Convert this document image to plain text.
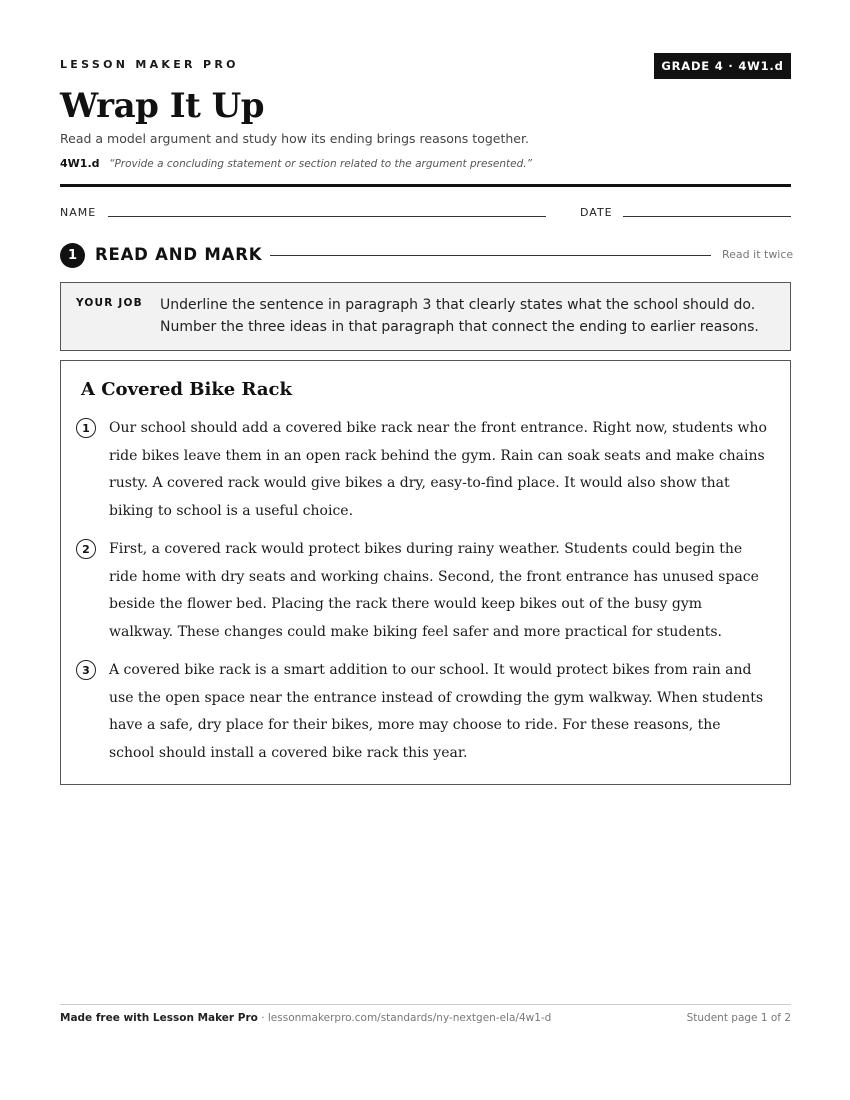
LESSON MAKER PRO	GRADE 4 · 4W1.d
Wrap It Up
Read a model argument and study how its ending brings reasons together.
4W1.d “Provide a concluding statement or section related to the argument presented.”
NAME	DATE
1	READ AND MARK	Read it twice
YOUR JOB Underline the sentence in paragraph 3 that clearly states what the school should do. Number the three ideas in that paragraph that connect the ending to earlier reasons.
A Covered Bike Rack
1	Our school should add a covered bike rack near the front entrance. Right now, students who ride bikes leave them in an open rack behind the gym. Rain can soak seats and make chains rusty. A covered rack would give bikes a dry, easy-to-find place. It would also show that biking to school is a useful choice.
2	First, a covered rack would protect bikes during rainy weather. Students could begin the ride home with dry seats and working chains. Second, the front entrance has unused space beside the flower bed. Placing the rack there would keep bikes out of the busy gym walkway. These changes could make biking feel safer and more practical for students.
3	A covered bike rack is a smart addition to our school. It would protect bikes from rain and use the open space near the entrance instead of crowding the gym walkway. When students have a safe, dry place for their bikes, more may choose to ride. For these reasons, the school should install a covered bike rack this year.
Made free with Lesson Maker Pro · lessonmakerpro.com/standards/ny-nextgen-ela/4w1-d	Student page 1 of 2
